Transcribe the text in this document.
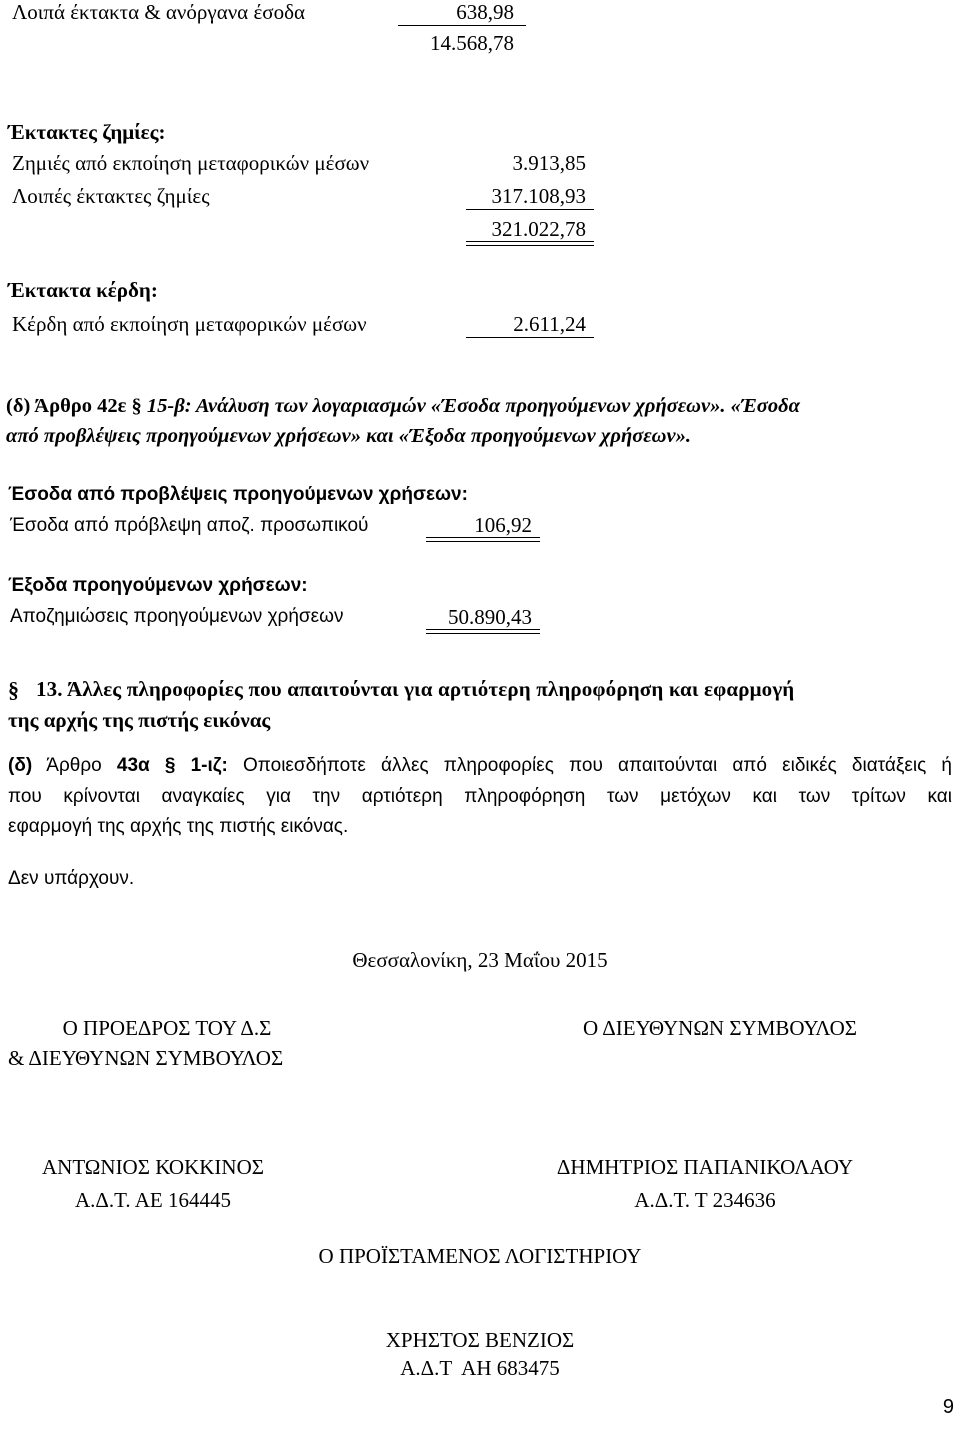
Λοιπά έκτακτα & ανόργανα έσοδα	638,98
14.568,78
Έκτακτες ζημίες:
Ζημιές από εκποίηση μεταφορικών μέσων	3.913,85
Λοιπές έκτακτες ζημίες	317.108,93
321.022,78
Έκτακτα κέρδη:
Κέρδη από εκποίηση μεταφορικών μέσων	2.611,24
(δ) Άρθρο 42ε § 15-β: Ανάλυση των λογαριασμών «Έσοδα προηγούμενων χρήσεων». «Έσοδα
από προβλέψεις προηγούμενων χρήσεων» και «Έξοδα προηγούμενων χρήσεων».
Έσοδα από προβλέψεις προηγούμενων χρήσεων:
Έσοδα από πρόβλεψη αποζ. προσωπικού	106,92
Έξοδα προηγούμενων χρήσεων:
Αποζημιώσεις προηγούμενων χρήσεων	50.890,43
§ 13. Άλλες πληροφορίες που απαιτούνται για αρτιότερη πληροφόρηση και εφαρμογή
της αρχής της πιστής εικόνας
(δ) Άρθρο 43α § 1-ιζ: Οποιεσδήποτε άλλες πληροφορίες που απαιτούνται από ειδικές διατάξεις ή
που κρίνονται αναγκαίες για την αρτιότερη πληροφόρηση των μετόχων και των τρίτων και
εφαρμογή της αρχής της πιστής εικόνας.
Δεν υπάρχουν.
Θεσσαλονίκη, 23 Μαΐου 2015
Ο ΠΡΟΕΔΡΟΣ ΤΟΥ Δ.Σ
& ΔΙΕΥΘΥΝΩΝ ΣΥΜΒΟΥΛΟΣ
Ο ΔΙΕΥΘΥΝΩΝ ΣΥΜΒΟΥΛΟΣ
ΑΝΤΩΝΙΟΣ ΚΟΚΚΙΝΟΣ
Α.Δ.Τ. ΑΕ 164445
ΔΗΜΗΤΡΙΟΣ ΠΑΠΑΝΙΚΟΛΑΟΥ
Α.Δ.Τ. Τ 234636
Ο ΠΡΟΪΣΤΑΜΕΝΟΣ ΛΟΓΙΣΤΗΡΙΟΥ
ΧΡΗΣΤΟΣ ΒΕΝΖΙΟΣ
Α.Δ.Τ  ΑΗ 683475
9
